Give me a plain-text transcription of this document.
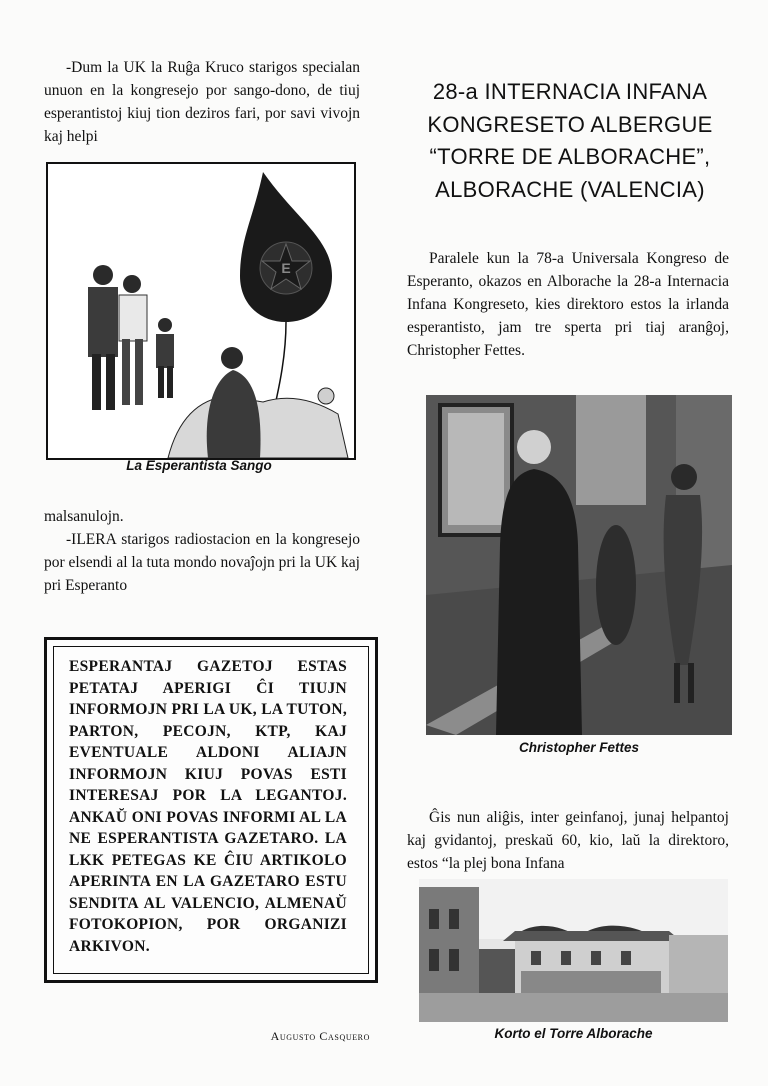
-Dum la UK la Ruĝa Kruco starigos specialan unuon en la kongresejo por sango-dono, de tiuj esperantistoj kiuj tion deziros fari, por savi vivojn kaj helpi

E
La Esperantista Sango

malsanulojn.

-ILERA starigos radiostacion en la kongresejo por elsendi al la tuta mondo novaĵojn pri la UK kaj pri Esperanto

ESPERANTAJ GAZETOJ ESTAS PETATAJ APERIGI ĈI TIUJN INFORMOJN PRI LA UK, LA TUTON, PARTON, PECOJN, KTP, KAJ EVENTUALE ALDONI ALIAJN INFORMOJN KIUJ POVAS ESTI INTERESAJ POR LA LEGANTOJ. ANKAŬ ONI POVAS INFORMI AL LA NE ESPERANTISTA GAZETARO. LA LKK PETEGAS KE ĈIU ARTIKOLO APERINTA EN LA GAZETARO ESTU SENDITA AL VALENCIO, ALMENAŬ FOTOKOPION, POR ORGANIZI ARKIVON.
Augusto Casquero
28-a INTERNACIA INFANA KONGRESETO ALBERGUE “TORRE DE ALBORACHE”, ALBORACHE (VALENCIA)

Paralele kun la 78-a Universala Kongreso de Esperanto, okazos en Alborache la 28-a Internacia Infana Kongreseto, kies direktoro estos la irlanda esperantisto, jam tre sperta pri tiaj aranĝoj, Christopher Fettes.

Christopher Fettes

Ĝis nun aliĝis, inter geinfanoj, junaj helpantoj kaj gvidantoj, preskaŭ 60, kio, laŭ la direktoro, estos “la plej bona Infana

Korto el Torre Alborache
